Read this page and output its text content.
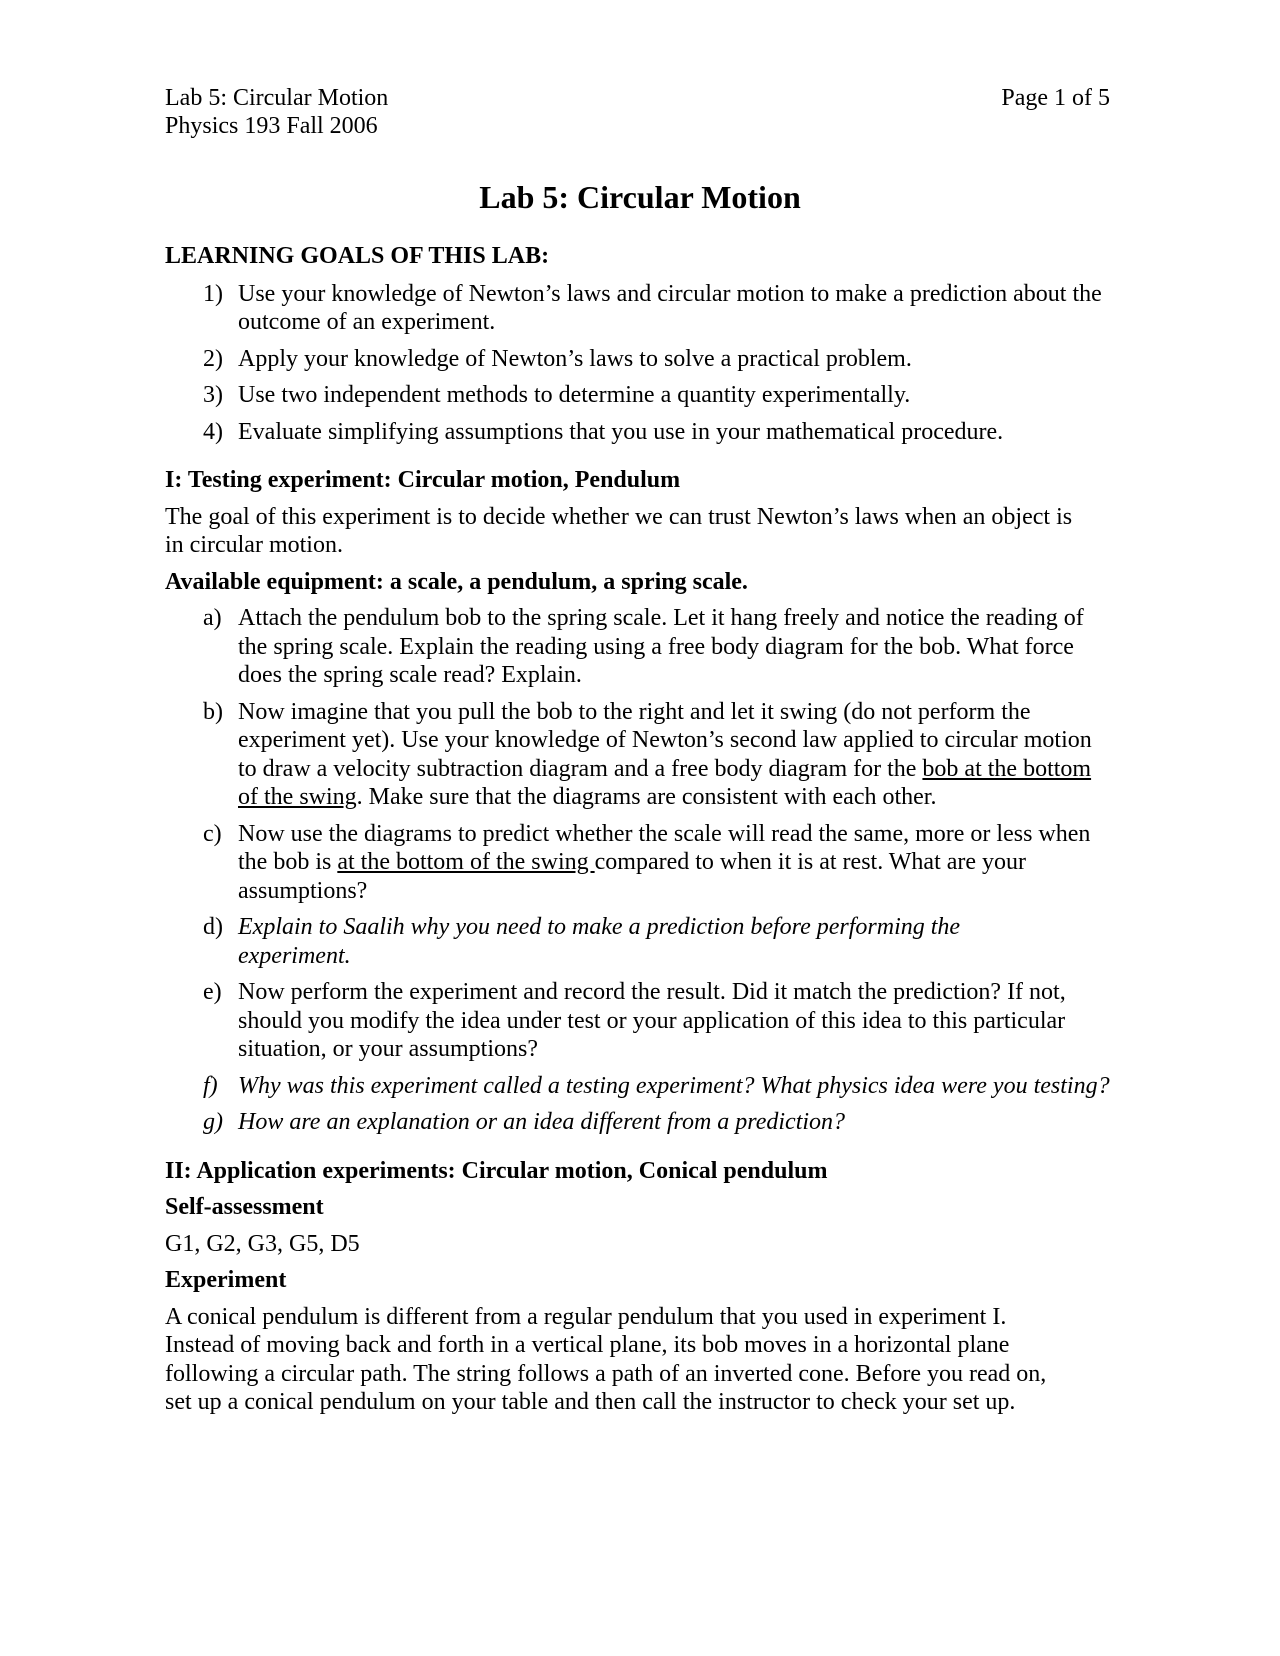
Lab 5: Circular Motion
Physics 193 Fall 2006
Page 1 of 5
Lab 5: Circular Motion

LEARNING GOALS OF THIS LAB:

1) Use your knowledge of Newton’s laws and circular motion to make a prediction about the outcome of an experiment.
2) Apply your knowledge of Newton’s laws to solve a practical problem.
3) Use two independent methods to determine a quantity experimentally.
4) Evaluate simplifying assumptions that you use in your mathematical procedure.

I: Testing experiment: Circular motion, Pendulum

The goal of this experiment is to decide whether we can trust Newton’s laws when an object is in circular motion.

Available equipment: a scale, a pendulum, a spring scale.

a) Attach the pendulum bob to the spring scale. Let it hang freely and notice the reading of the spring scale. Explain the reading using a free body diagram for the bob. What force does the spring scale read? Explain.
b) Now imagine that you pull the bob to the right and let it swing (do not perform the experiment yet). Use your knowledge of Newton’s second law applied to circular motion to draw a velocity subtraction diagram and a free body diagram for the bob at the bottom of the swing. Make sure that the diagrams are consistent with each other.
c) Now use the diagrams to predict whether the scale will read the same, more or less when the bob is at the bottom of the swing compared to when it is at rest. What are your assumptions?
d) Explain to Saalih why you need to make a prediction before performing the experiment.
e) Now perform the experiment and record the result. Did it match the prediction? If not, should you modify the idea under test or your application of this idea to this particular situation, or your assumptions?
f) Why was this experiment called a testing experiment? What physics idea were you testing?
g) How are an explanation or an idea different from a prediction?

II: Application experiments: Circular motion, Conical pendulum

Self-assessment

G1, G2, G3, G5, D5

Experiment

A conical pendulum is different from a regular pendulum that you used in experiment I. Instead of moving back and forth in a vertical plane, its bob moves in a horizontal plane following a circular path. The string follows a path of an inverted cone. Before you read on, set up a conical pendulum on your table and then call the instructor to check your set up.
